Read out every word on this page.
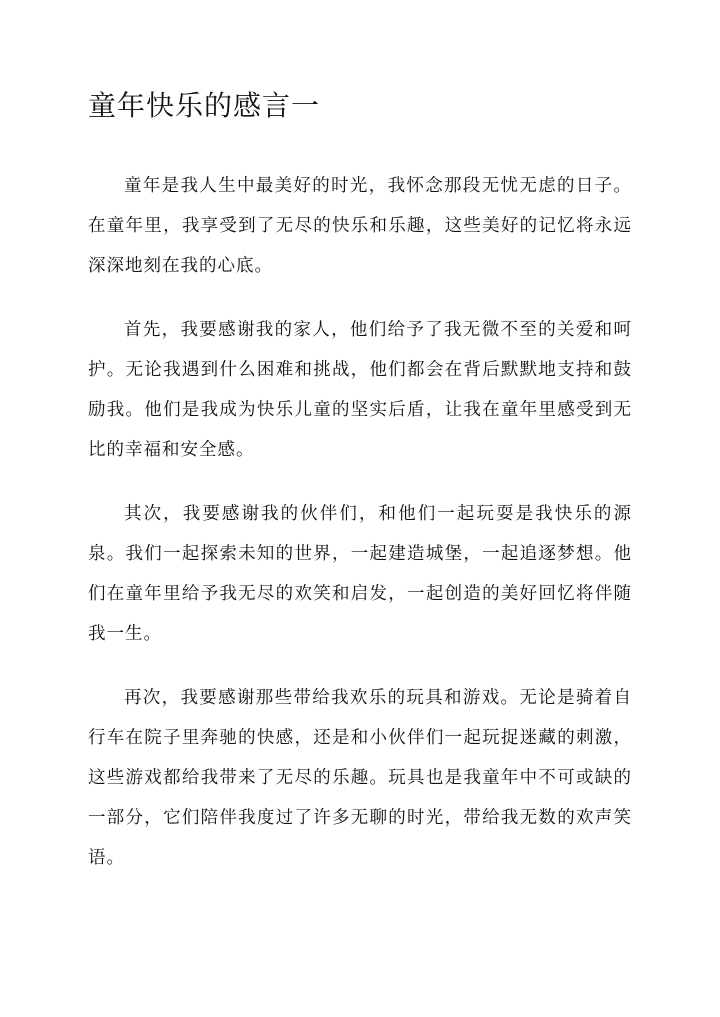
童年快乐的感言一

童年是我人生中最美好的时光，我怀念那段无忧无虑的日子。在童年里，我享受到了无尽的快乐和乐趣，这些美好的记忆将永远深深地刻在我的心底。

首先，我要感谢我的家人，他们给予了我无微不至的关爱和呵护。无论我遇到什么困难和挑战，他们都会在背后默默地支持和鼓励我。他们是我成为快乐儿童的坚实后盾，让我在童年里感受到无比的幸福和安全感。

其次，我要感谢我的伙伴们，和他们一起玩耍是我快乐的源泉。我们一起探索未知的世界，一起建造城堡，一起追逐梦想。他们在童年里给予我无尽的欢笑和启发，一起创造的美好回忆将伴随我一生。

再次，我要感谢那些带给我欢乐的玩具和游戏。无论是骑着自行车在院子里奔驰的快感，还是和小伙伴们一起玩捉迷藏的刺激，这些游戏都给我带来了无尽的乐趣。玩具也是我童年中不可或缺的一部分，它们陪伴我度过了许多无聊的时光，带给我无数的欢声笑语。
